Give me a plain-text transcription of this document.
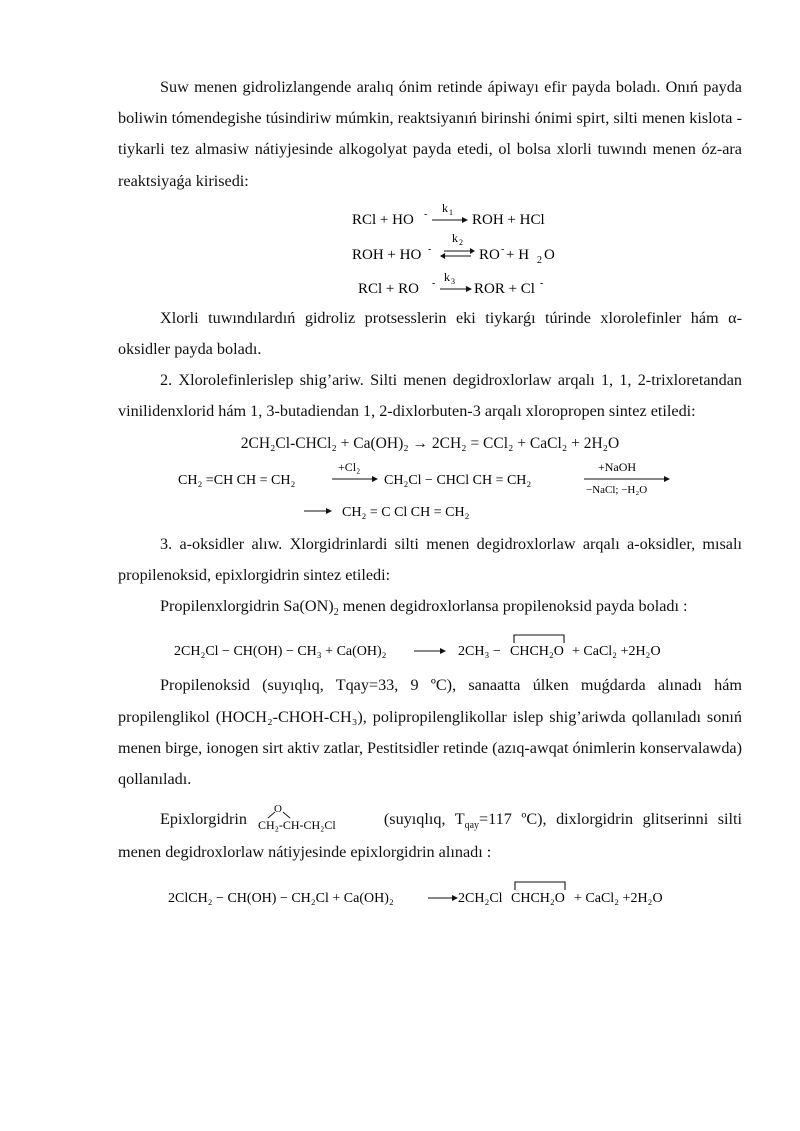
Suw menen gidrolizlangende aralıq ónim retinde ápiwayı efir payda boladı. Onıń payda boliwin tómendegishe túsindiriw múmkin, reaktsiyanıń birinshi ónimi spirt, silti menen kislota -tiykarli tez almasiw nátiyjesinde alkogolyat payda etedi, ol bolsa xlorli tuwındı menen óz-ara reaktsiyaǵa kirisedi:

RCl + HO - k 1 ROH + HCl
ROH + HO -
k 2
RO - + H 2 O
RCl + RO - k 3 ROR + Cl -

Xlorli tuwındılardıń gidroliz protsesslerin eki tiykarǵı túrinde xlorolefinler hám α-oksidler payda boladı.

2. Xlorolefinlerislep shig’ariw. Silti menen degidroxlorlaw arqalı 1, 1, 2-trixloretandan vinilidenxlorid hám 1, 3-butadiendan 1, 2-dixlorbuten-3 arqalı xloropropen sintez etiledi:

2CH₂Cl-CHCl₂ + Ca(OH)₂ → 2CH₂ = CCl₂ + CaCl₂ + 2H₂O

CH₂ =CH CH = CH₂
+Cl₂
CH₂Cl − CHCl CH = CH₂
+NaOH
−NaCl; −H₂O
CH₂ = C Cl CH = CH₂

3. a-oksidler alıw. Xlorgidrinlardi silti menen degidroxlorlaw arqalı a-oksidler, mısalı propilenoksid, epixlorgidrin sintez etiledi:

Propilenxlorgidrin $Sa(ON)_2$ menen degidroxlorlansa propilenoksid payda boladı :

2CH₂Cl − CH(OH) − CH₃ + Ca(OH)₂	2CH₃ − CHCH₂O + CaCl₂ +2H₂O

Propilenoksid (suyıqlıq, Tqay=33, 9 ºC), sanaatta úlken muǵdarda alınadı hám propilenglikol (HOCH₂-CHOH-CH₃), polipropilenglikollar islep shig’ariwda qollanıladı sonıń menen birge, ionogen sirt aktiv zatlar, Pestitsidler retinde (azıq-awqat ónimlerin konservalawda) qollanıladı.

Epixlorgidrin
O
CH₂-CH-CH₂Cl	(suyıqlıq, $T_{qay}=117$ ºC), dixlorgidrin glitserinni silti menen degidroxlorlaw nátiyjesinde epixlorgidrin alınadı :

2ClCH₂ − CH(OH) − CH₂Cl + Ca(OH)₂	2CH₂Cl CHCH₂O + CaCl₂ +2H₂O
